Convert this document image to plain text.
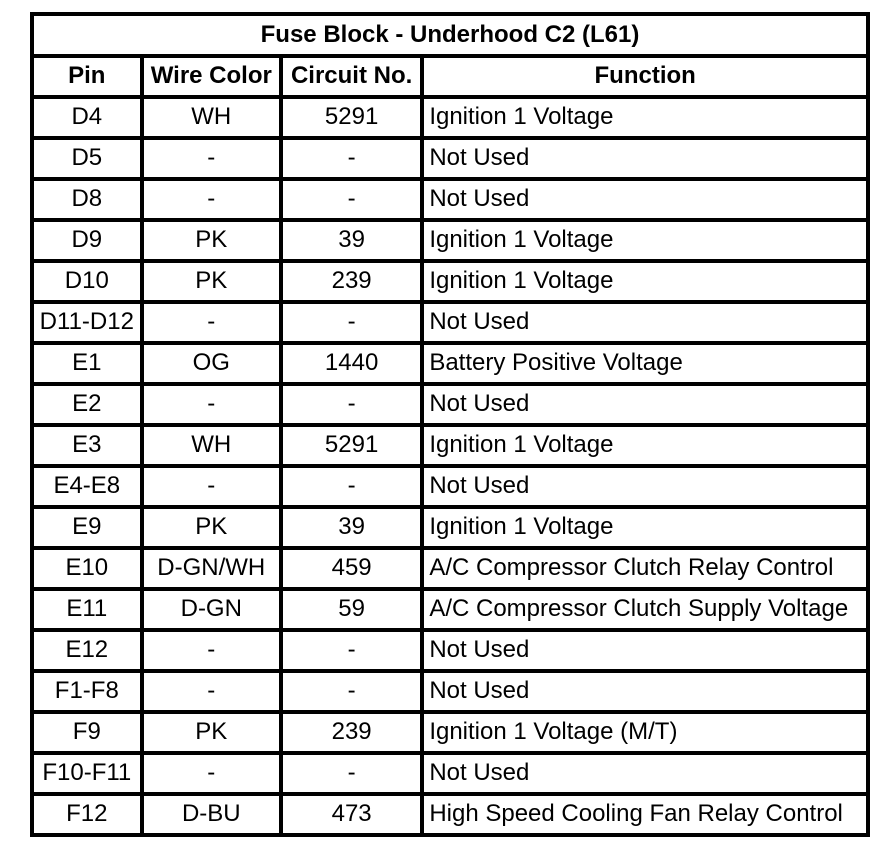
Fuse Block - Underhood C2 (L61)			
Pin	Wire Color	Circuit No.	Function
D4	WH	5291	Ignition 1 Voltage
D5	-	-	Not Used
D8	-	-	Not Used
D9	PK	39	Ignition 1 Voltage
D10	PK	239	Ignition 1 Voltage
D11-D12	-	-	Not Used
E1	OG	1440	Battery Positive Voltage
E2	-	-	Not Used
E3	WH	5291	Ignition 1 Voltage
E4-E8	-	-	Not Used
E9	PK	39	Ignition 1 Voltage
E10	D-GN/WH	459	A/C Compressor Clutch Relay Control
E11	D-GN	59	A/C Compressor Clutch Supply Voltage
E12	-	-	Not Used
F1-F8	-	-	Not Used
F9	PK	239	Ignition 1 Voltage (M/T)
F10-F11	-	-	Not Used
F12	D-BU	473	High Speed Cooling Fan Relay Control
